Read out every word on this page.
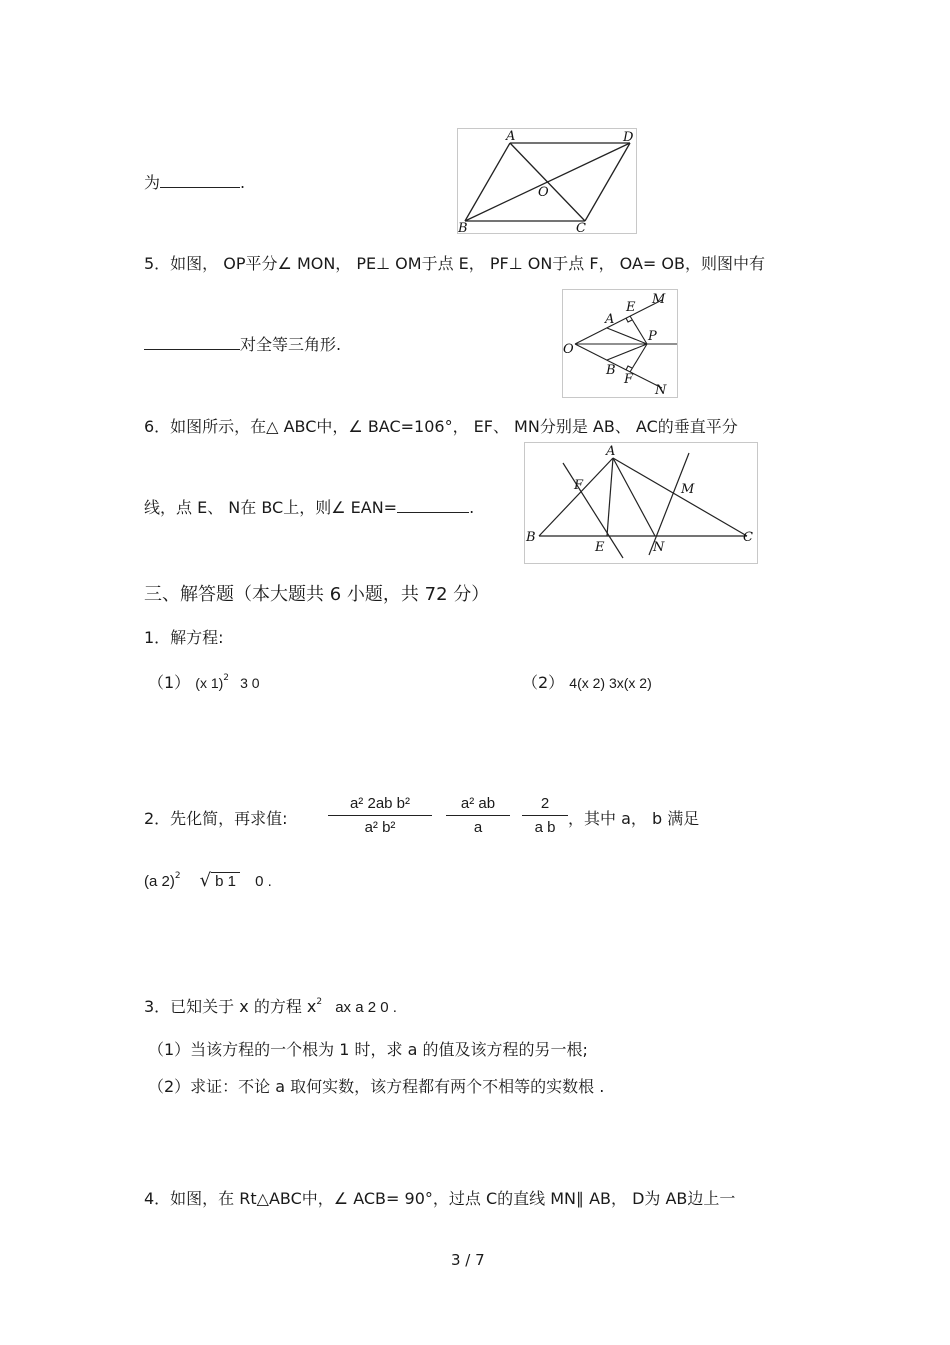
为	.
A	D
O
B	C
5．如图， OP平分∠ MON， PE⊥ OM于点 E， PF⊥ ON于点 F， OA= OB，则图中有
对全等三角形.
E
M
A
P
O
B
F
N
6．如图所示，在△ ABC中，∠ BAC=106°， EF、 MN分别是 AB、 AC的垂直平分
线，点 E、 N在 BC上，则∠ EAN=	.
A
F	M
B
E	N
C
三、解答题（本大题共 6 小题，共 72 分）
1．解方程:
（1） (x 1)$^2$ 3 0	（2） 4(x 2) 3x(x 2)
2．先化简，再求值:
a² 2ab b²
a² b²
a² ab
a
2
a b ，其中 a， b 满足
(a 2)$^2$ √ b 1 0 .
3．已知关于 x 的方程 $x^2$ ax a 2 0 .
（1）当该方程的一个根为 1 时，求 a 的值及该方程的另一根;
（2）求证：不论 a 取何实数，该方程都有两个不相等的实数根 .
4．如图，在 Rt△ABC中，∠ ACB= 90°，过点 C的直线 MN∥ AB， D为 AB边上一
3 / 7
